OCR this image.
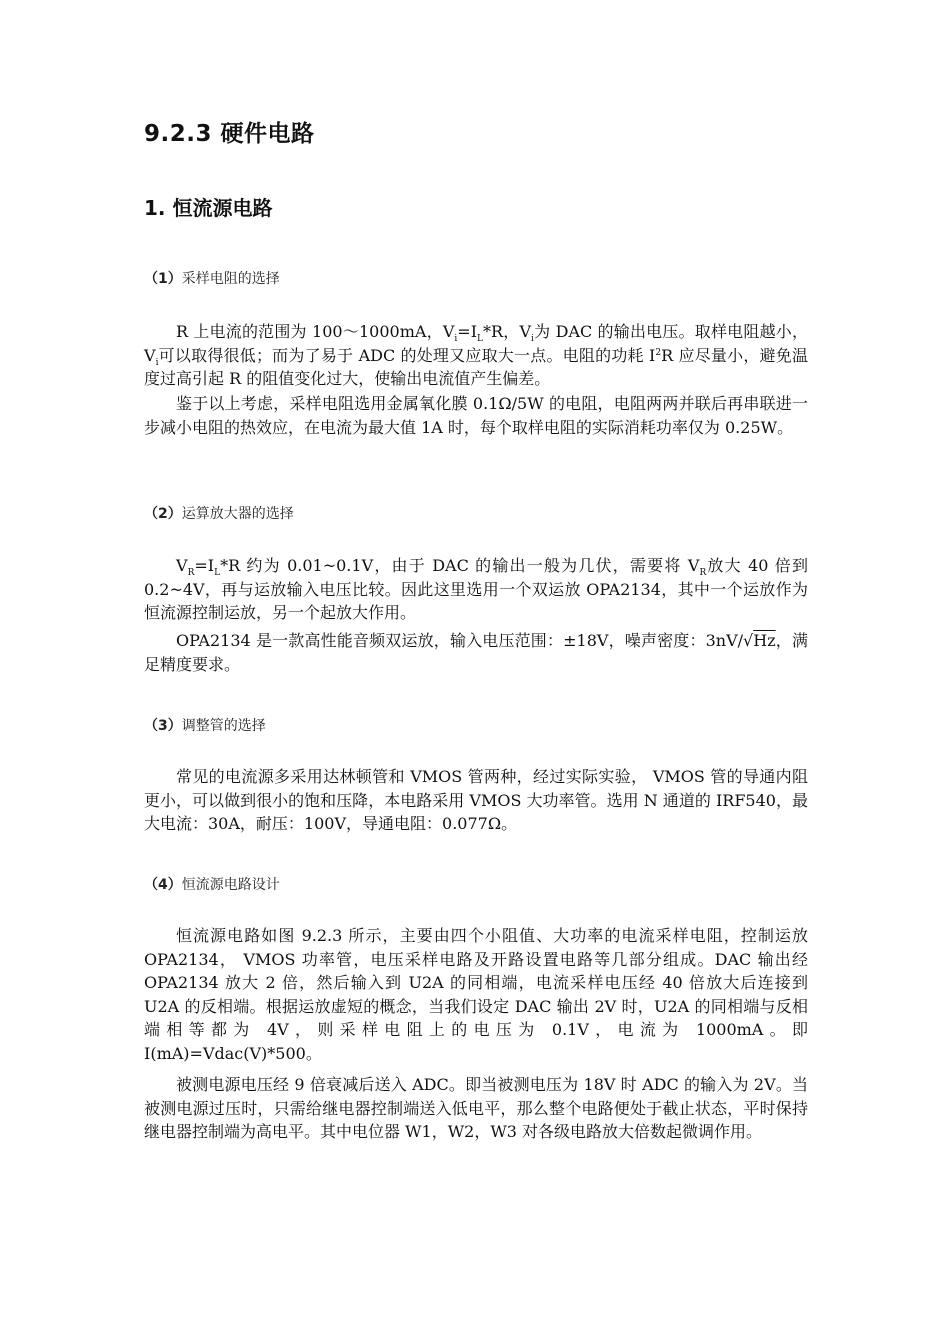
9.2.3 硬件电路
1. 恒流源电路

（1）采样电阻的选择

R 上电流的范围为 100～1000mA，$V_i=I_L*R$，$V_i$为 DAC 的输出电压。取样电阻越小，$V_i$可以取得很低；而为了易于 ADC 的处理又应取大一点。电阻的功耗 $I^2R$ 应尽量小，避免温度过高引起 R 的阻值变化过大，使输出电流值产生偏差。

鉴于以上考虑，采样电阻选用金属氧化膜 0.1Ω/5W 的电阻，电阻两两并联后再串联进一步减小电阻的热效应，在电流为最大值 1A 时，每个取样电阻的实际消耗功率仅为 0.25W。

（2）运算放大器的选择

$V_R=I_L*R$ 约为 0.01~0.1V，由于 DAC 的输出一般为几伏，需要将 $V_R$放大 40 倍到 0.2~4V，再与运放输入电压比较。因此这里选用一个双运放 OPA2134，其中一个运放作为恒流源控制运放，另一个起放大作用。

OPA2134 是一款高性能音频双运放，输入电压范围：±18V，噪声密度：3nV/√Hz，满足精度要求。

（3）调整管的选择

常见的电流源多采用达林顿管和 VMOS 管两种，经过实际实验， VMOS 管的导通内阻更小，可以做到很小的饱和压降，本电路采用 VMOS 大功率管。选用 N 通道的 IRF540，最大电流：30A，耐压：100V，导通电阻：0.077Ω。

（4）恒流源电路设计

恒流源电路如图 9.2.3 所示，主要由四个小阻值、大功率的电流采样电阻，控制运放 OPA2134， VMOS 功率管，电压采样电路及开路设置电路等几部分组成。DAC 输出经 OPA2134 放大 2 倍，然后输入到 U2A 的同相端，电流采样电压经 40 倍放大后连接到 U2A 的反相端。根据运放虚短的概念，当我们设定 DAC 输出 2V 时，U2A 的同相端与反相端相等都为 4V，则采样电阻上的电压为 0.1V，电流为 1000mA。即 I(mA)=Vdac(V)*500。

被测电源电压经 9 倍衰减后送入 ADC。即当被测电压为 18V 时 ADC 的输入为 2V。当被测电源过压时，只需给继电器控制端送入低电平，那么整个电路便处于截止状态，平时保持继电器控制端为高电平。其中电位器 W1，W2，W3 对各级电路放大倍数起微调作用。
